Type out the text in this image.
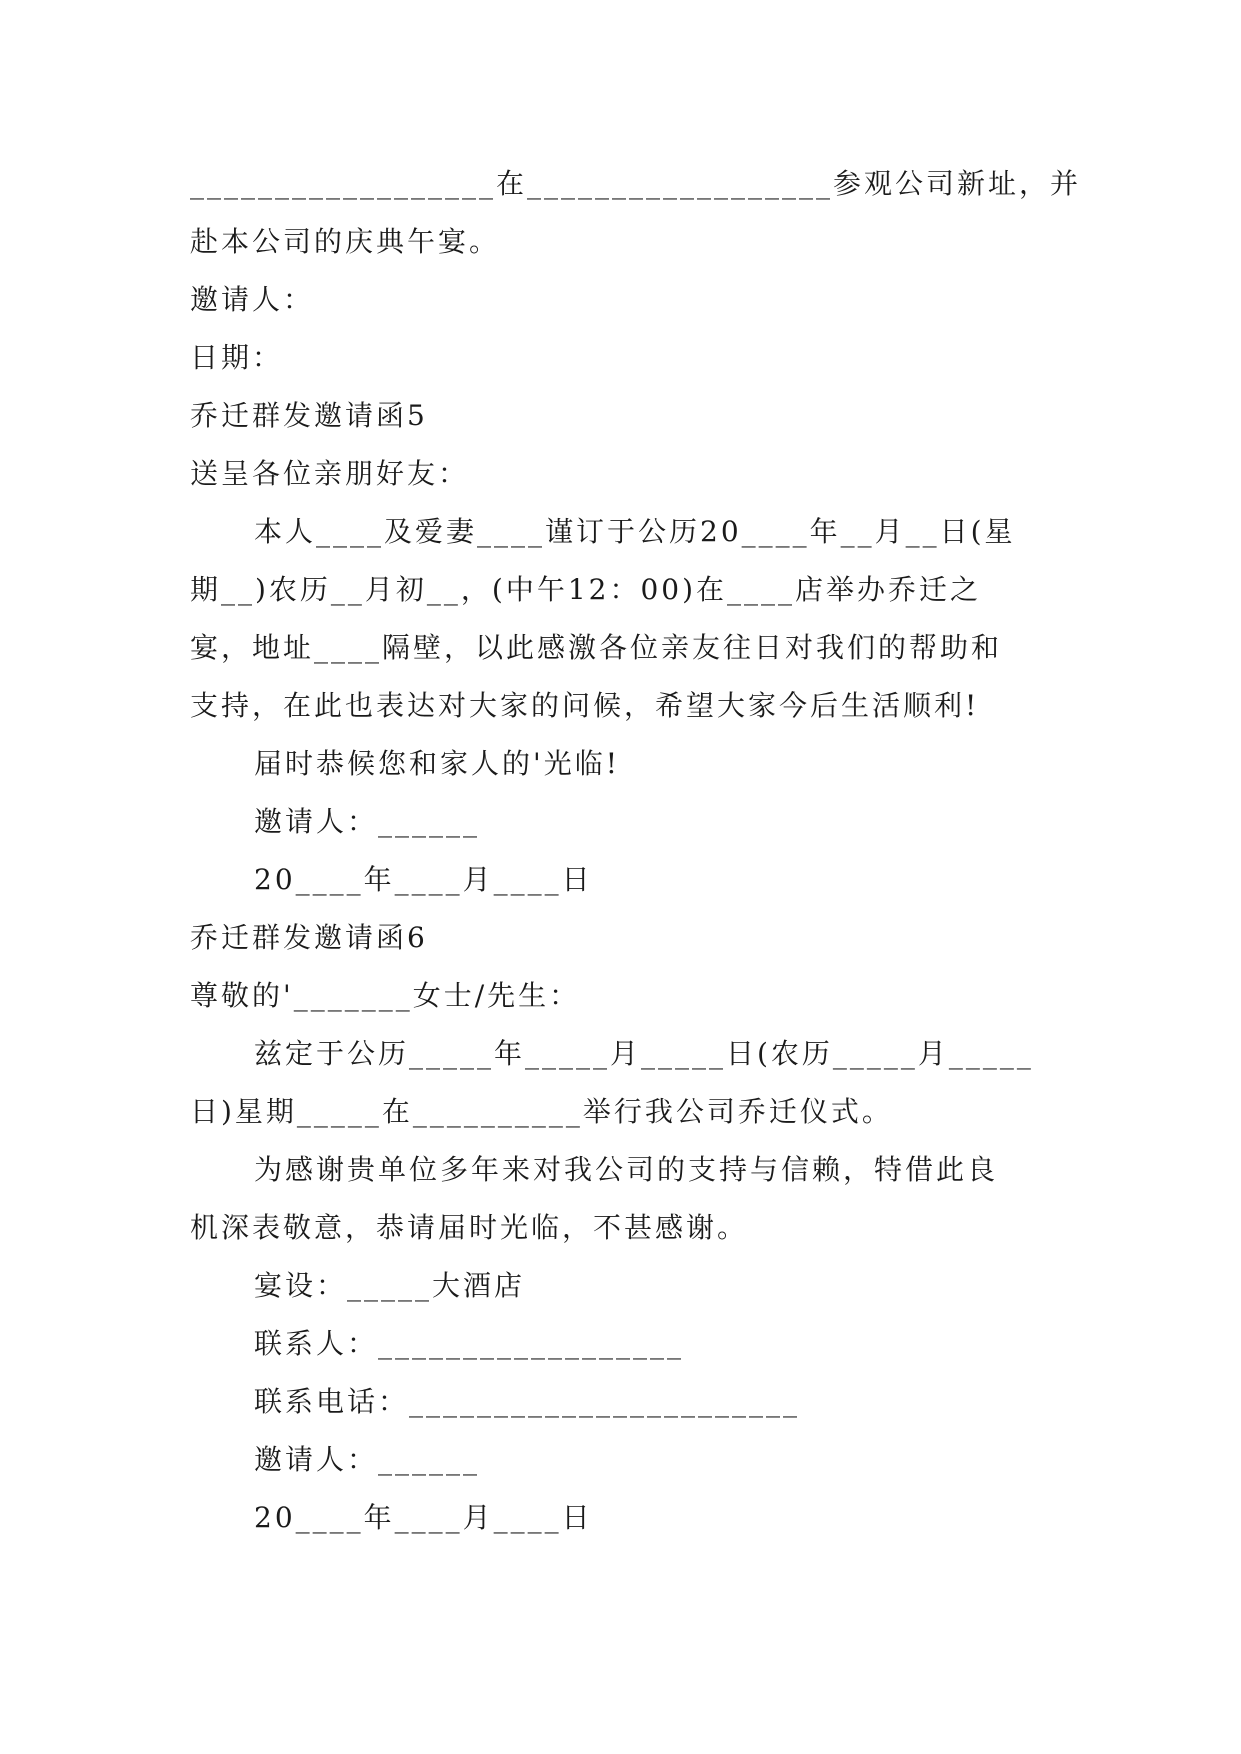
__________________在__________________参观公司新址，并
赴本公司的庆典午宴。
邀请人：
日期：
乔迁群发邀请函5
送呈各位亲朋好友：
本人____及爱妻____谨订于公历20____年__月__日(星
期__)农历__月初__，(中午12：00)在____店举办乔迁之
宴，地址____隔壁，以此感激各位亲友往日对我们的帮助和
支持，在此也表达对大家的问候，希望大家今后生活顺利!
届时恭候您和家人的'光临!
邀请人：______
20____年____月____日
乔迁群发邀请函6
尊敬的'_______女士/先生：
兹定于公历_____年_____月_____日(农历_____月_____
日)星期_____在__________举行我公司乔迁仪式。
为感谢贵单位多年来对我公司的支持与信赖，特借此良
机深表敬意，恭请届时光临，不甚感谢。
宴设：_____大酒店
联系人：__________________
联系电话：_______________________
邀请人：______
20____年____月____日
